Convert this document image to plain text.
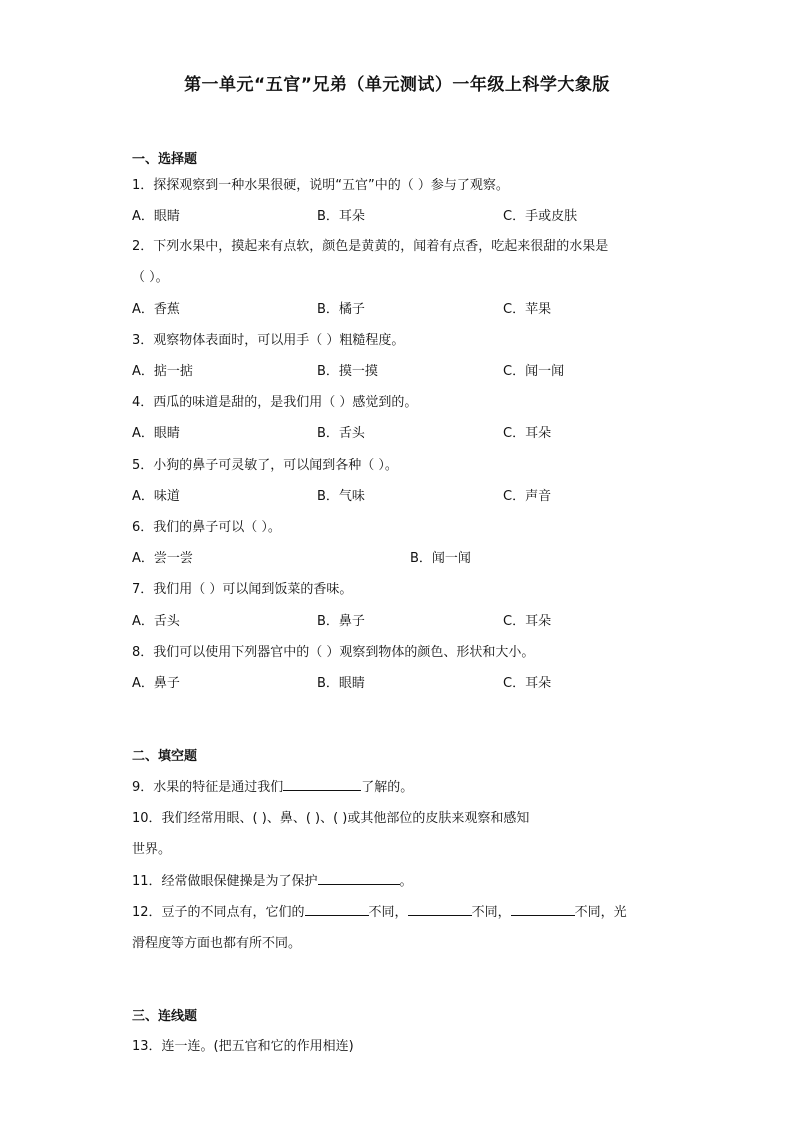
第一单元“五官”兄弟（单元测试）一年级上科学大象版
一、选择题
1．探探观察到一种水果很硬，说明“五官”中的（ ）参与了观察。
A．眼睛	B．耳朵	C．手或皮肤
2．下列水果中，摸起来有点软，颜色是黄黄的，闻着有点香，吃起来很甜的水果是
（ ）。
A．香蕉	B．橘子	C．苹果
3．观察物体表面时，可以用手（ ）粗糙程度。
A．掂一掂	B．摸一摸	C．闻一闻
4．西瓜的味道是甜的，是我们用（ ）感觉到的。
A．眼睛	B．舌头	C．耳朵
5．小狗的鼻子可灵敏了，可以闻到各种（ ）。
A．味道	B．气味	C．声音
6．我们的鼻子可以（ ）。
A．尝一尝	B．闻一闻
7．我们用（ ）可以闻到饭菜的香味。
A．舌头	B．鼻子	C．耳朵
8．我们可以使用下列器官中的（ ）观察到物体的颜色、形状和大小。
A．鼻子	B．眼睛	C．耳朵
二、填空题
9．水果的特征是通过我们	了解的。
10．我们经常用眼、( )、鼻、( )、( )或其他部位的皮肤来观察和感知
世界。
11．经常做眼保健操是为了保护	。
12．豆子的不同点有，它们的	不同，	不同，	不同，光
滑程度等方面也都有所不同。
三、连线题
13．连一连。(把五官和它的作用相连)
